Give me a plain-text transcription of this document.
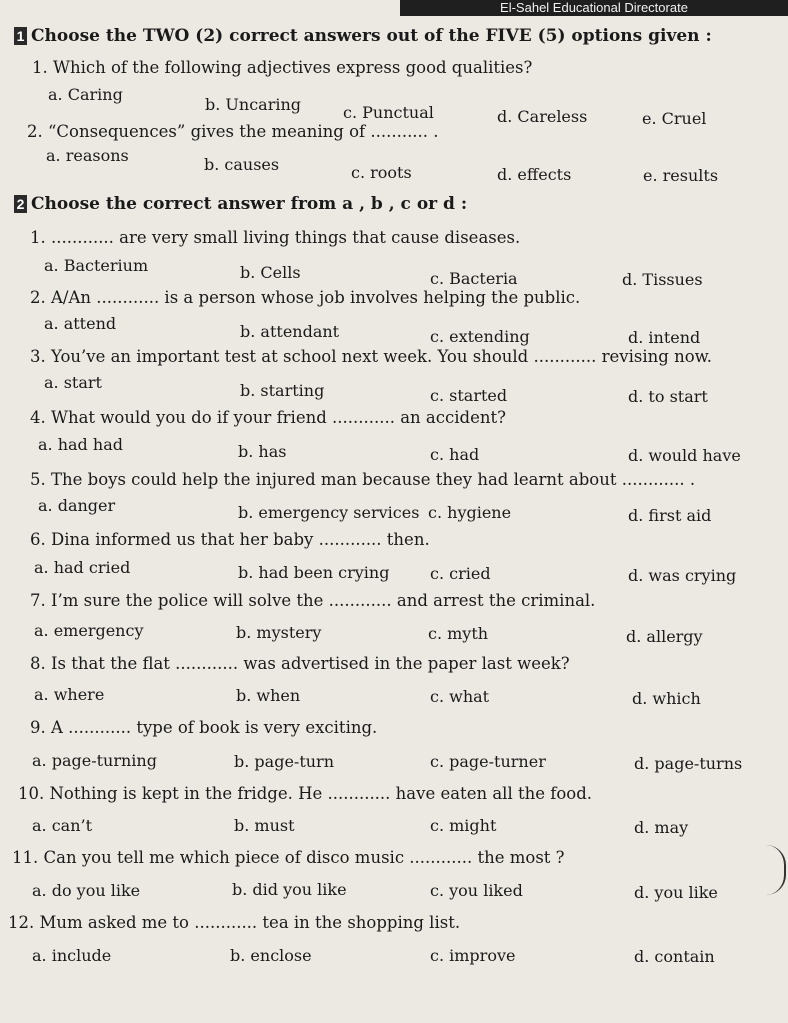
El-Sahel Educational Directorate
1 Choose the TWO (2) correct answers out of the FIVE (5) options given :
1. Which of the following adjectives express good qualities?
a. Caring
b. Uncaring	c. Punctual	d. Careless	e. Cruel
2. “Consequences” gives the meaning of ........... .
a. reasons	b. causes	c. roots	d. effects	e. results
2 Choose the correct answer from a , b , c or d :
1. ............ are very small living things that cause diseases.
a. Bacterium	b. Cells	c. Bacteria	d. Tissues
2. A/An ............ is a person whose job involves helping the public.
a. attend	b. attendant	c. extending	d. intend
3. You’ve an important test at school next week. You should ............ revising now.
a. start	b. starting	c. started	d. to start
4. What would you do if your friend ............ an accident?
a. had had	b. has	c. had	d. would have
5. The boys could help the injured man because they had learnt about ............ .
a. danger	b. emergency services c. hygiene	d. first aid
6. Dina informed us that her baby ............ then.
a. had cried	b. had been crying	c. cried	d. was crying
7. I’m sure the police will solve the ............ and arrest the criminal.
a. emergency	b. mystery	c. myth	d. allergy
8. Is that the flat ............ was advertised in the paper last week?
a. where	b. when	c. what	d. which
9. A ............ type of book is very exciting.
a. page-turning	b. page-turn	c. page-turner	d. page-turns
10. Nothing is kept in the fridge. He ............ have eaten all the food.
a. can’t	b. must	c. might	d. may
11. Can you tell me which piece of disco music ............ the most ?
a. do you like	b. did you like	c. you liked	d. you like
12. Mum asked me to ............ tea in the shopping list.
a. include	b. enclose	c. improve	d. contain
